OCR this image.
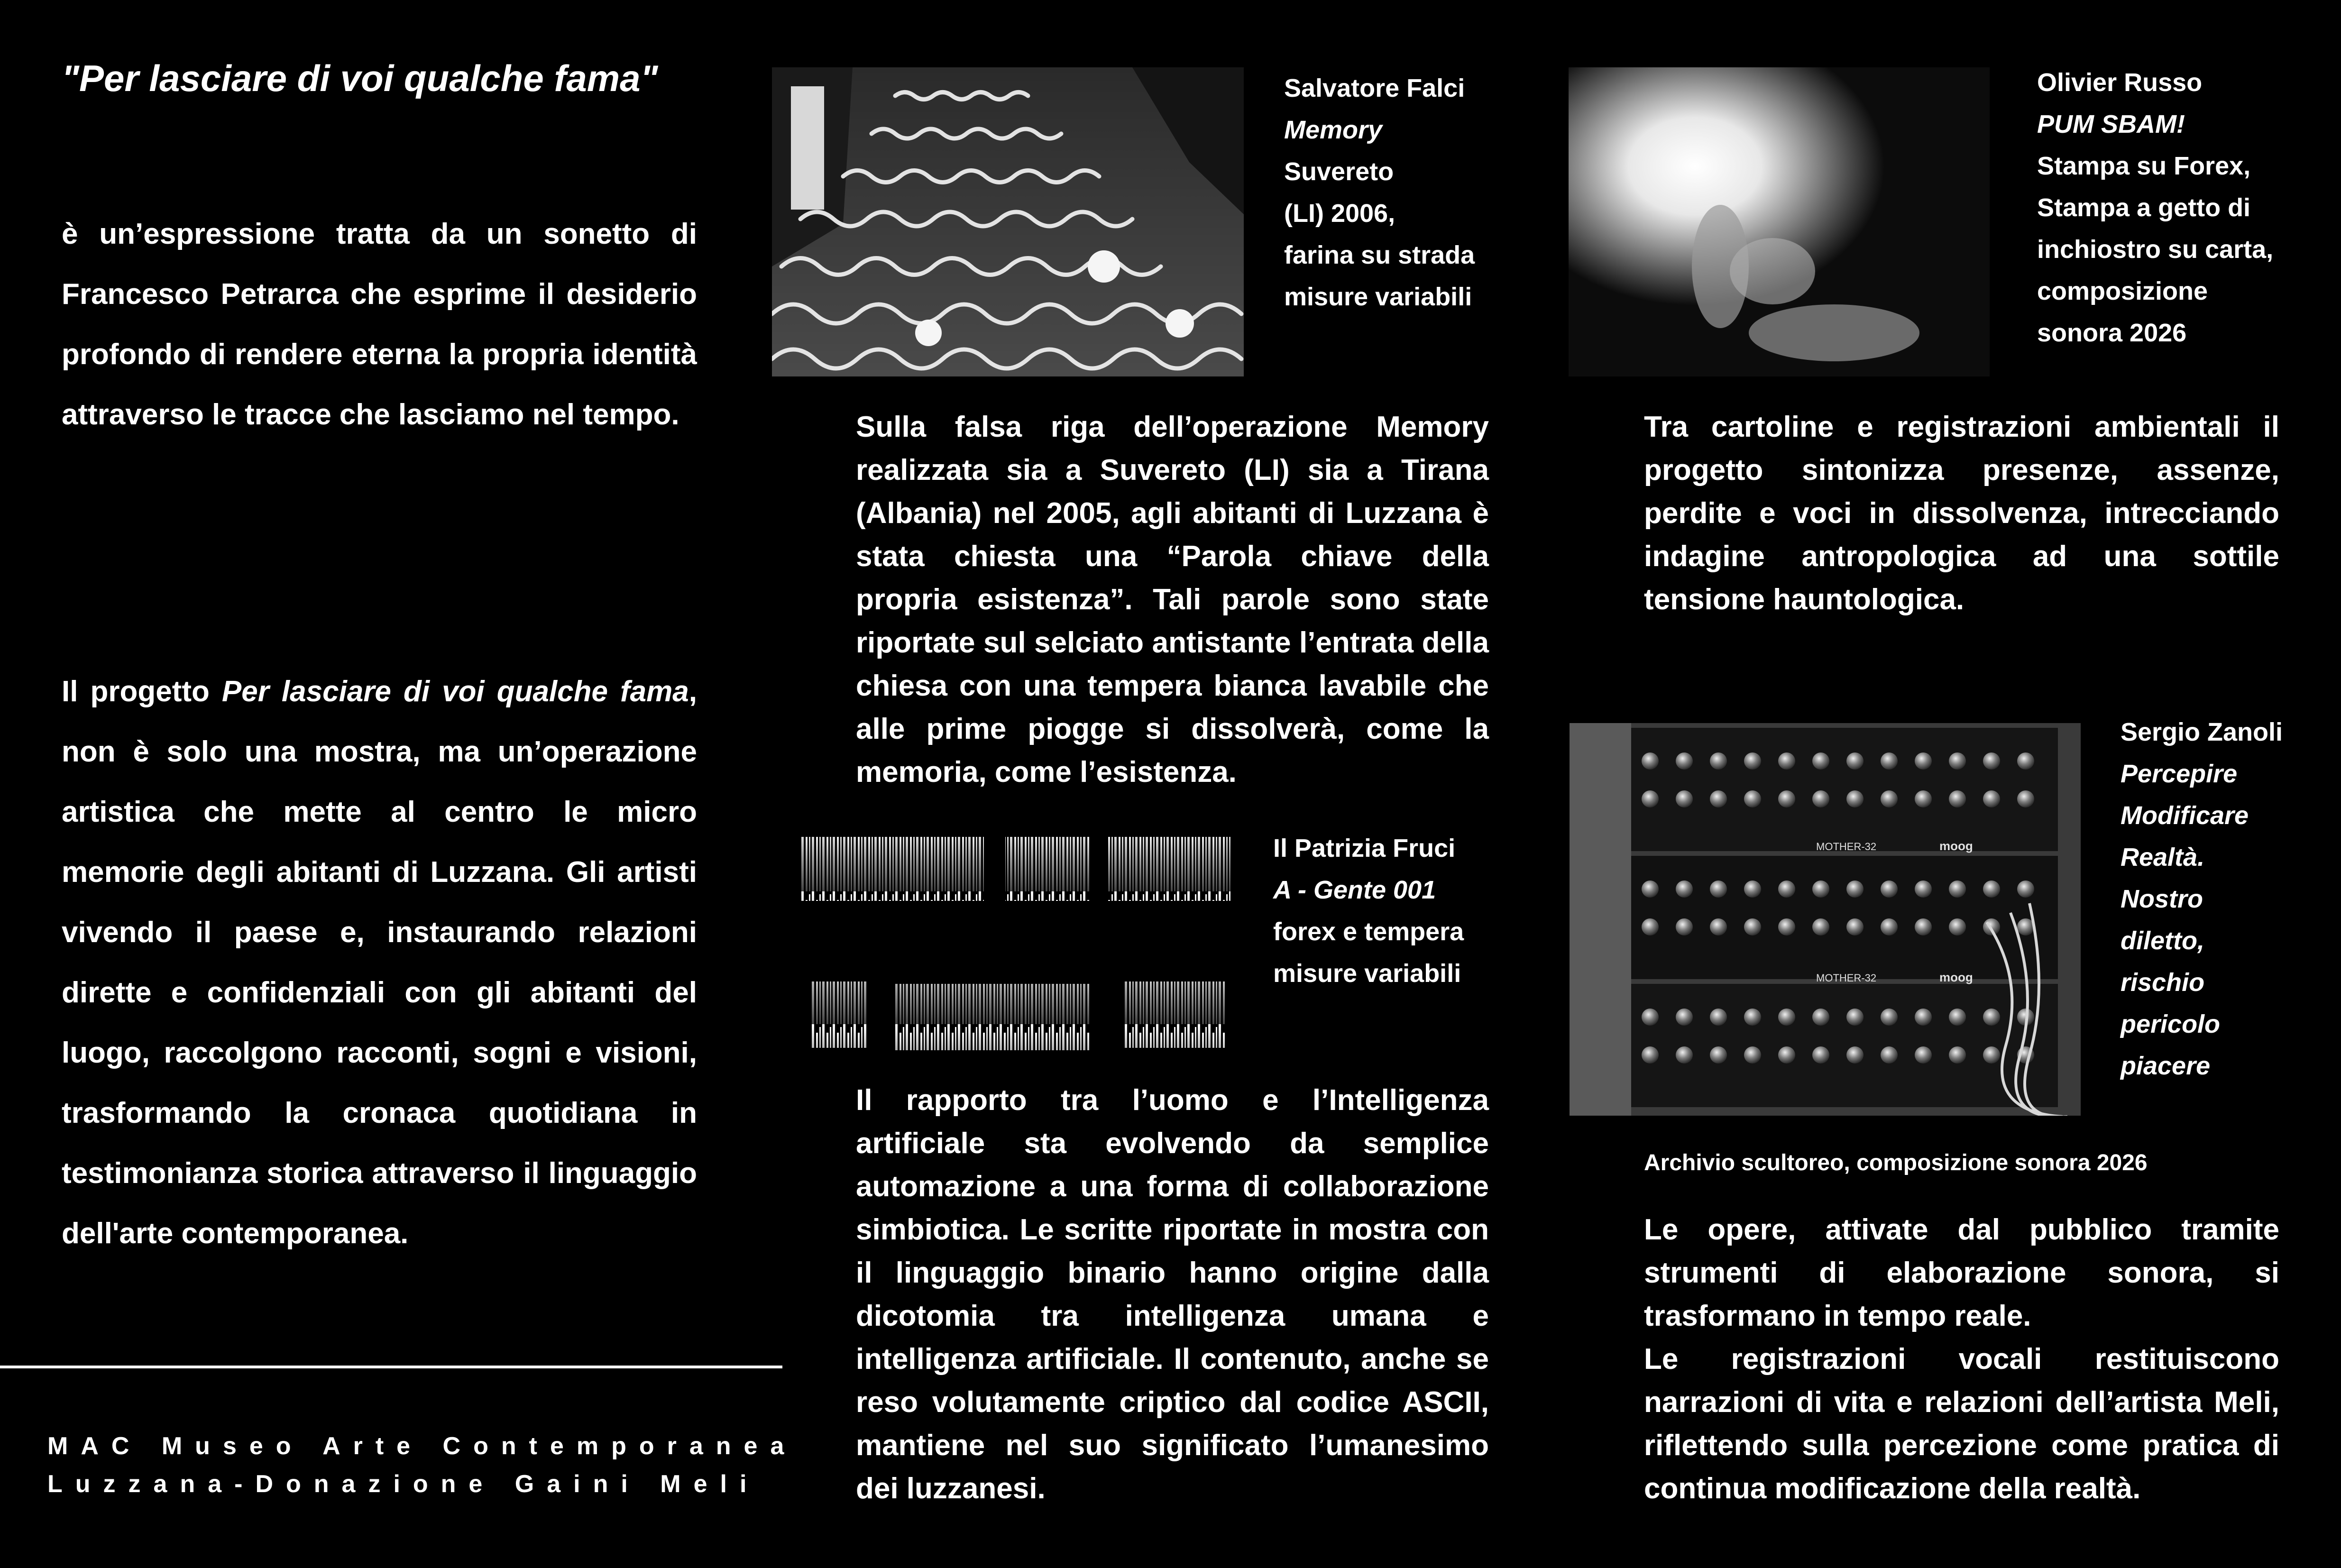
"Per lasciare di voi qualche fama"
è un’espressione tratta da un sonetto di Francesco Petrarca che esprime il desiderio profondo di rendere eterna la propria identità attraverso le tracce che lasciamo nel tempo.
Il progetto Per lasciare di voi qualche fama, non è solo una mostra, ma un’operazione artistica che mette al centro le micro memorie degli abitanti di Luzzana. Gli artisti vivendo il paese e, instaurando relazioni dirette e confidenziali con gli abitanti del luogo, raccolgono racconti, sogni e visioni, trasformando la cronaca quotidiana in testimonianza storica attraverso il linguaggio dell'arte contemporanea.
MAC Museo Arte Contemporanea
Luzzana-Donazione Gaini Meli
Salvatore Falci
Memory
Suvereto
(LI) 2006,
farina su strada
misure variabili
Sulla falsa riga dell’operazione Memory realizzata sia a Suvereto (LI) sia a Tirana (Albania) nel 2005, agli abitanti di Luzzana è stata chiesta una “Parola chiave della propria esistenza”. Tali parole sono state riportate sul selciato antistante l’entrata della chiesa con una tempera bianca lavabile che alle prime piogge si dissolverà, come la memoria, come l’esistenza.
Il Patrizia Fruci
A - Gente 001
forex e tempera
misure variabili
Il rapporto tra l’uomo e l’Intelligenza artificiale sta evolvendo da semplice automazione a una forma di collaborazione simbiotica. Le scritte riportate in mostra con il linguaggio binario hanno origine dalla dicotomia tra intelligenza umana e intelligenza artificiale. Il contenuto, anche se reso volutamente criptico dal codice ASCII, mantiene nel suo significato l’umanesimo dei luzzanesi.
Olivier Russo
PUM SBAM!
Stampa su Forex,
Stampa a getto di
inchiostro su carta,
composizione
sonora 2026
Tra cartoline e registrazioni ambientali il progetto sintonizza presenze, assenze, perdite e voci in dissolvenza, intrecciando indagine antropologica ad una sottile tensione hauntologica.
MOTHER-32	moog
MOTHER-32	moog
Sergio Zanoli
Percepire
Modificare
Realtà.
Nostro
diletto,
rischio
pericolo
piacere
Archivio scultoreo, composizione sonora 2026
Le opere, attivate dal pubblico tramite strumenti di elaborazione sonora, si trasformano in tempo reale.
Le registrazioni vocali restituiscono narrazioni di vita e relazioni dell’artista Meli, riflettendo sulla percezione come pratica di continua modificazione della realtà.
